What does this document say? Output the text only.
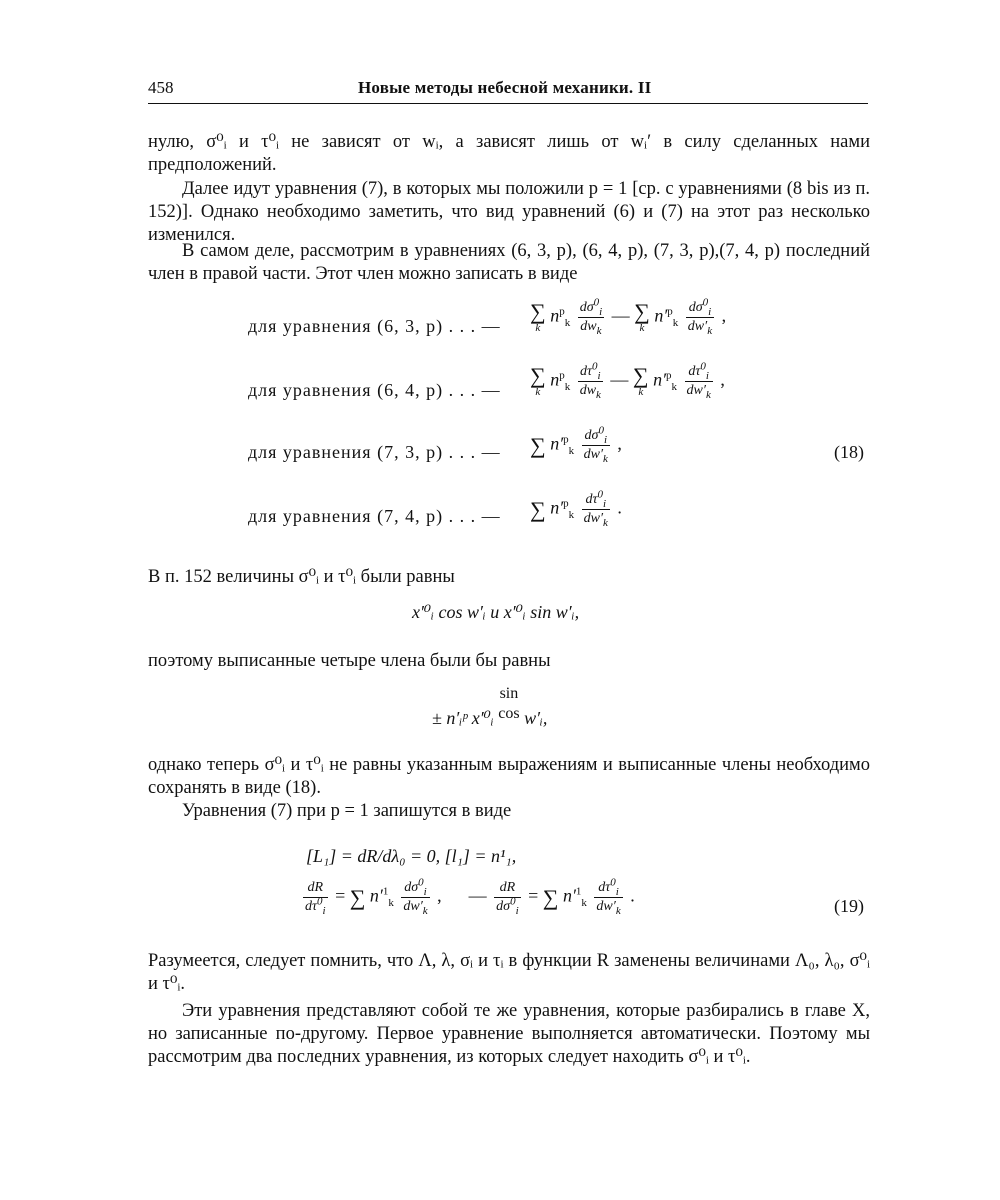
458	Новые методы небесной механики. II
нулю, σ⁰ᵢ и τ⁰ᵢ не зависят от wᵢ, а зависят лишь от wᵢ′ в силу сделанных нами предположений.
Далее идут уравнения (7), в которых мы положили p = 1 [ср. с уравнениями (8 bis из п. 152)]. Однако необходимо заметить, что вид уравнений (6) и (7) на этот раз несколько изменился.
В самом деле, рассмотрим в уравнениях (6, 3, p), (6, 4, p), (7, 3, p),(7, 4, p) последний член в правой части. Этот член можно записать в виде
для уравнения (6, 3, p) . . . —
∑
k
$n^p_k \frac{d\sigma^0_i}{dw_k}$ — ∑
k
$n'^p_k \frac{d\sigma^0_i}{dw'_k}$ ,
для уравнения (6, 4, p) . . . —
∑
k
$n^p_k \frac{d\tau^0_i}{dw_k}$ — ∑
k
$n'^p_k \frac{d\tau^0_i}{dw'_k}$ ,
для уравнения (7, 3, p) . . . — ∑ $n'^p_k \frac{d\sigma^0_i}{dw'_k}$ ,	(18)
для уравнения (7, 4, p) . . . — ∑ $n'^p_k \frac{d\tau^0_i}{dw'_k}$ .
В п. 152 величины σ⁰ᵢ и τ⁰ᵢ были равны
x′⁰ᵢ cos w′ᵢ и x′⁰ᵢ sin w′ᵢ,
поэтому выписанные четыре члена были бы равны
± n′ᵢᵖ x′⁰ᵢ
sin
cos w′ᵢ,
однако теперь σ⁰ᵢ и τ⁰ᵢ не равны указанным выражениям и выписанные члены необходимо сохранять в виде (18).
Уравнения (7) при p = 1 запишутся в виде
[L₁] = dR/dλ₀ = 0, [l₁] = n¹₁,
$\frac{dR}{d\tau^0_i}$ = ∑ $n'^1_k \frac{d\sigma^0_i}{dw'_k}$ ,      — $\frac{dR}{d\sigma^0_i}$ = ∑ $n'^1_k \frac{d\tau^0_i}{dw'_k}$ .
(19)
Разумеется, следует помнить, что Λ, λ, σᵢ и τᵢ в функции R заменены величинами Λ₀, λ₀, σ⁰ᵢ и τ⁰ᵢ.
Эти уравнения представляют собой те же уравнения, которые разбирались в главе X, но записанные по-другому. Первое уравнение выполняется автоматически. Поэтому мы рассмотрим два последних уравнения, из которых следует находить σ⁰ᵢ и τ⁰ᵢ.
